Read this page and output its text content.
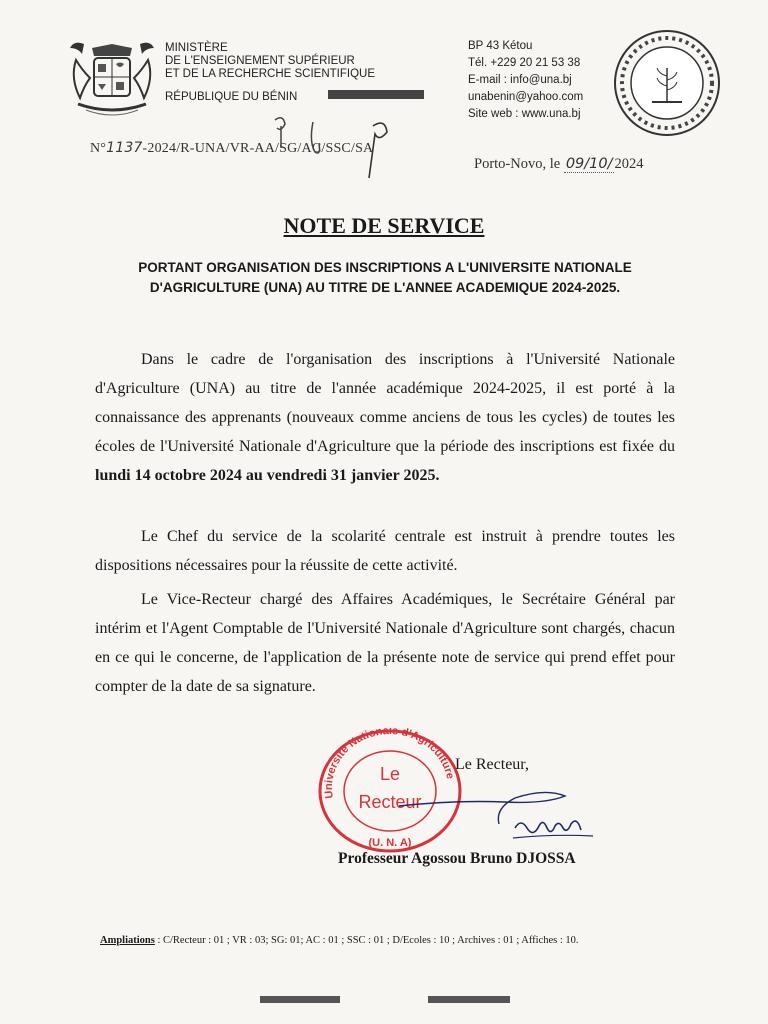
MINISTÈRE
DE L'ENSEIGNEMENT SUPÉRIEUR
ET DE LA RECHERCHE SCIENTIFIQUE
RÉPUBLIQUE DU BÉNIN
BP 43 Kétou
Tél. +229 20 21 53 38
E-mail : info@una.bj
unabenin@yahoo.com
Site web : www.una.bj
N°1137-2024/R-UNA/VR-AA/SG/AC/SSC/SA
Porto-Novo, le 09/10/ 2024
NOTE DE SERVICE
PORTANT ORGANISATION DES INSCRIPTIONS A L'UNIVERSITE NATIONALE D'AGRICULTURE (UNA) AU TITRE DE L'ANNEE ACADEMIQUE 2024-2025.
Dans le cadre de l'organisation des inscriptions à l'Université Nationale d'Agriculture (UNA) au titre de l'année académique 2024-2025, il est porté à la connaissance des apprenants (nouveaux comme anciens de tous les cycles) de toutes les écoles de l'Université Nationale d'Agriculture que la période des inscriptions est fixée du lundi 14 octobre 2024 au vendredi 31 janvier 2025.
Le Chef du service de la scolarité centrale est instruit à prendre toutes les dispositions nécessaires pour la réussite de cette activité.
Le Vice-Recteur chargé des Affaires Académiques, le Secrétaire Général par intérim et l'Agent Comptable de l'Université Nationale d'Agriculture sont chargés, chacun en ce qui le concerne, de l'application de la présente note de service qui prend effet pour compter de la date de sa signature.
Université Nationale d'Agriculture
Le
Recteur
(U. N. A)
Le Recteur,
Professeur Agossou Bruno DJOSSA
Ampliations : C/Recteur : 01 ; VR : 03; SG: 01; AC : 01 ; SSC : 01 ; D/Ecoles : 10 ; Archives : 01 ; Affiches : 10.
